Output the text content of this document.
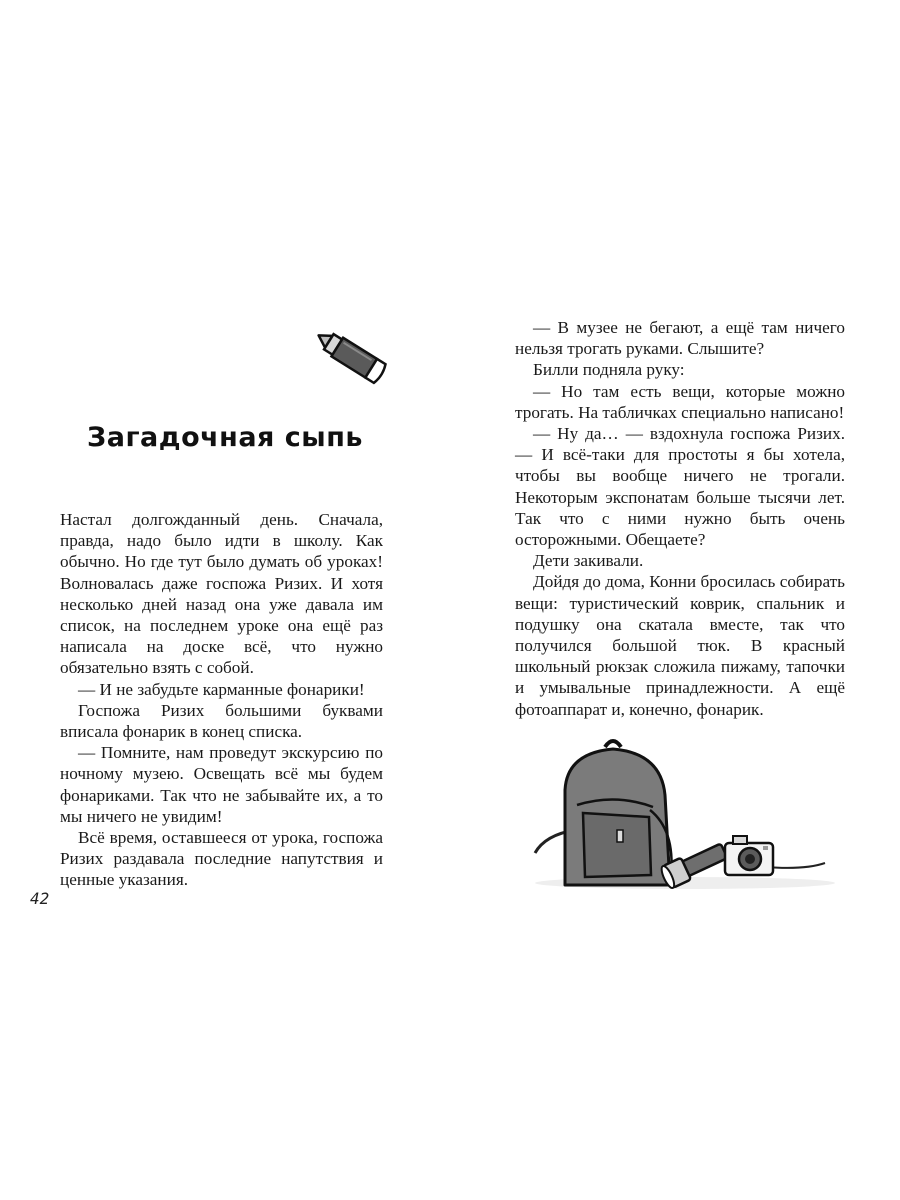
Загадочная сыпь

Настал долгожданный день. Сначала, правда, надо было идти в школу. Как обычно. Но где тут было думать об уроках! Волновалась даже госпожа Ризих. И хотя несколько дней назад она уже давала им список, на последнем уроке она ещё раз написала на доске всё, что нужно обязательно взять с собой.

— И не забудьте карманные фонарики!

Госпожа Ризих большими буквами вписала фонарик в конец списка.

— Помните, нам проведут экскурсию по ночному музею. Освещать всё мы будем фонариками. Так что не забывайте их, а то мы ничего не увидим!

Всё время, оставшееся от урока, госпожа Ризих раздавала последние напутствия и ценные указания.

42

— В музее не бегают, а ещё там ничего нельзя трогать руками. Слышите?

Билли подняла руку:

— Но там есть вещи, которые можно трогать. На табличках специально написано!

— Ну да… — вздохнула госпожа Ризих. — И всё-таки для простоты я бы хотела, чтобы вы вообще ничего не трогали. Некоторым экспонатам больше тысячи лет. Так что с ними нужно быть очень осторожными. Обещаете?

Дети закивали.

Дойдя до дома, Конни бросилась собирать вещи: туристический коврик, спальник и подушку она скатала вместе, так что получился большой тюк. В красный школьный рюкзак сложила пижаму, тапочки и умывальные принадлежности. А ещё фотоаппарат и, конечно, фонарик.
